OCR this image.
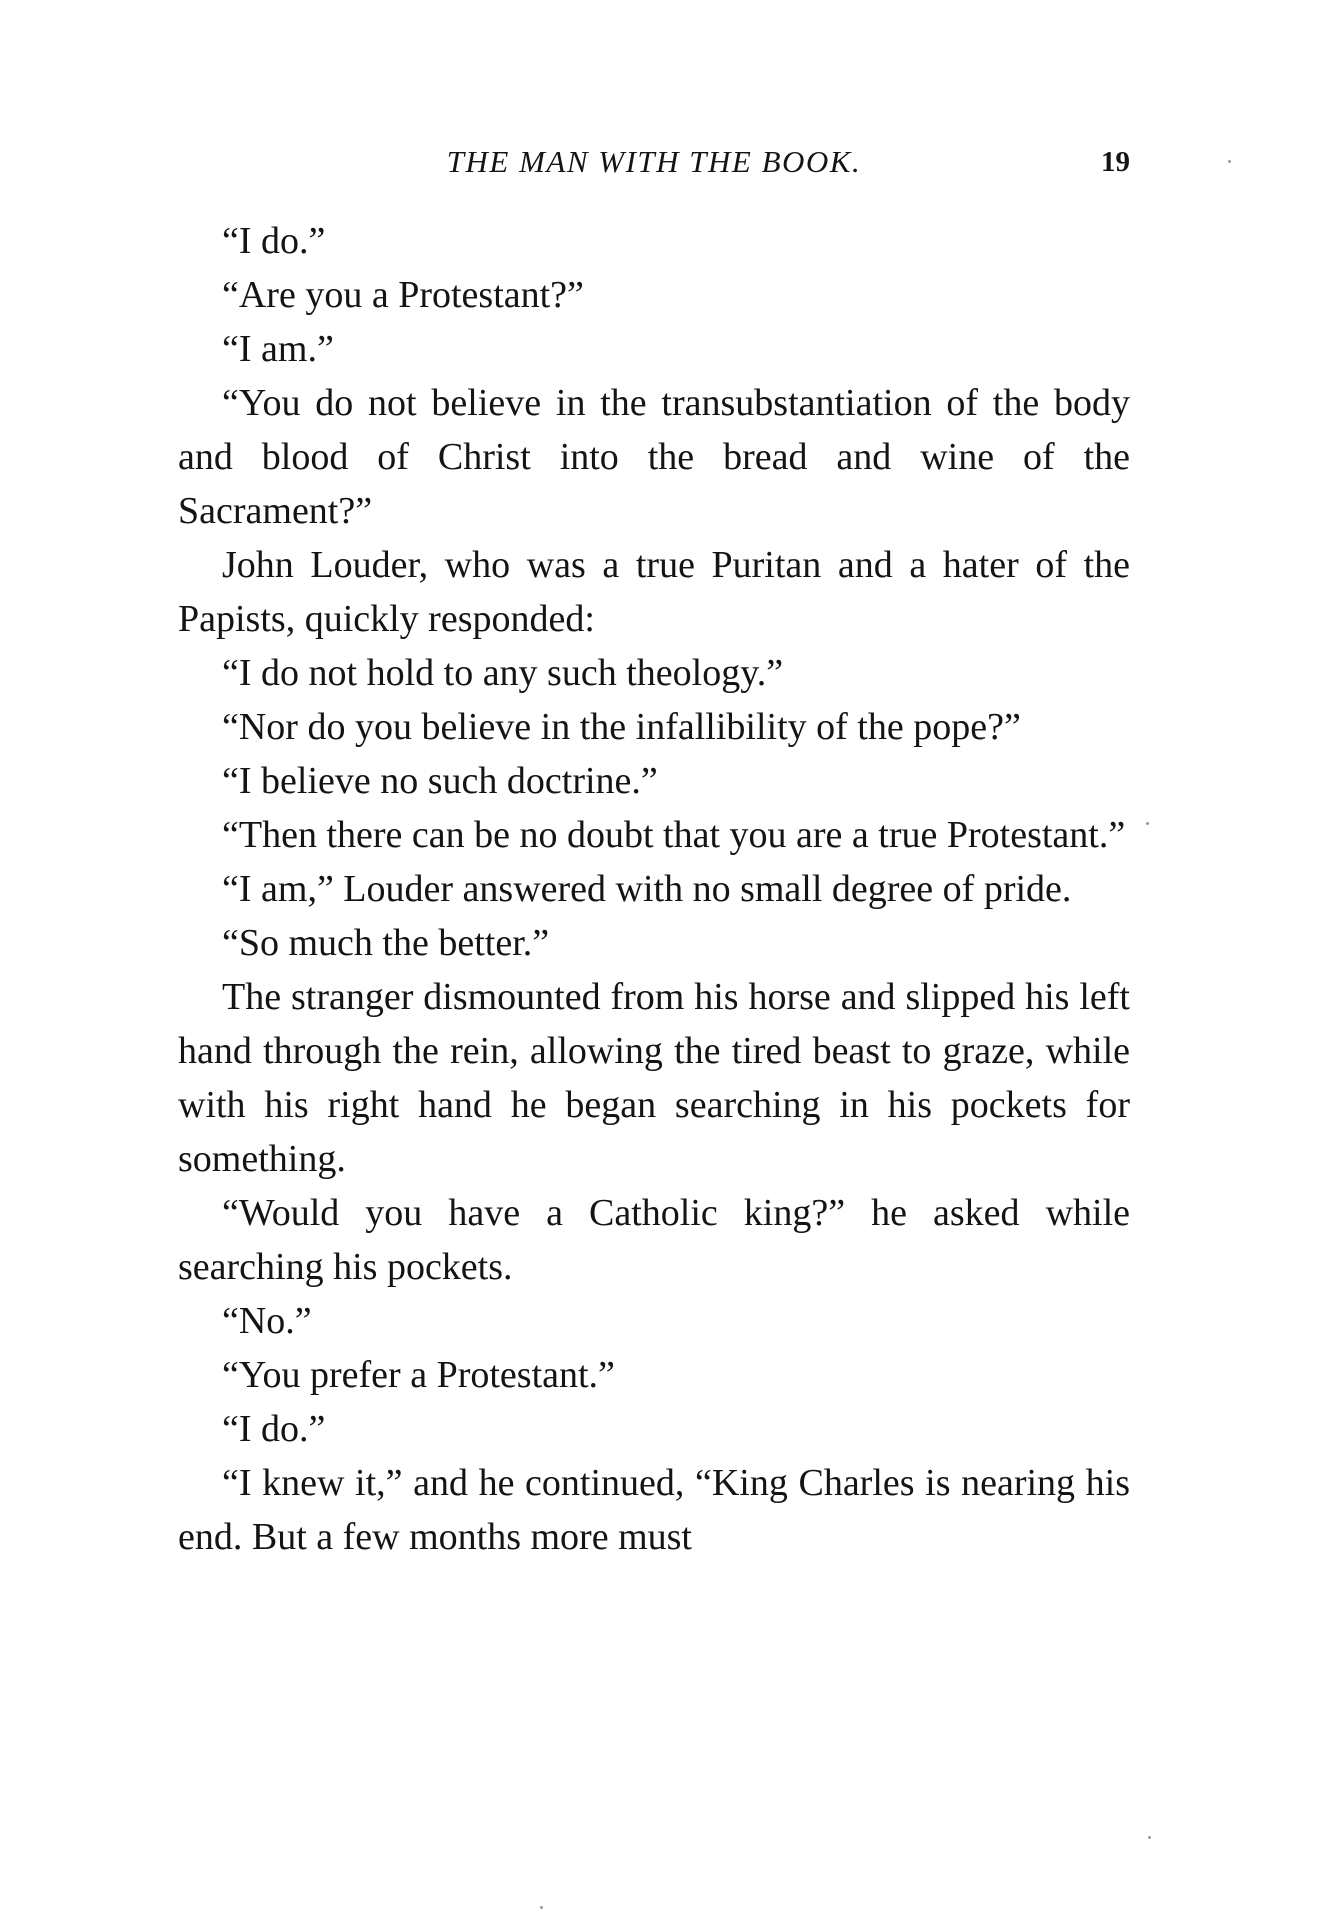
THE MAN WITH THE BOOK.	19

“I do.”

“Are you a Protestant?”

“I am.”

“You do not believe in the transubstantiation of the body and blood of Christ into the bread and wine of the Sacrament?”

John Louder, who was a true Puritan and a hater of the Papists, quickly responded:

“I do not hold to any such theology.”

“Nor do you believe in the infallibility of the pope?”

“I believe no such doctrine.”

“Then there can be no doubt that you are a true Protestant.”

“I am,” Louder answered with no small degree of pride.

“So much the better.”

The stranger dismounted from his horse and slipped his left hand through the rein, allowing the tired beast to graze, while with his right hand he began searching in his pockets for something.

“Would you have a Catholic king?” he asked while searching his pockets.

“No.”

“You prefer a Protestant.”

“I do.”

“I knew it,” and he continued, “King Charles is nearing his end. But a few months more must
